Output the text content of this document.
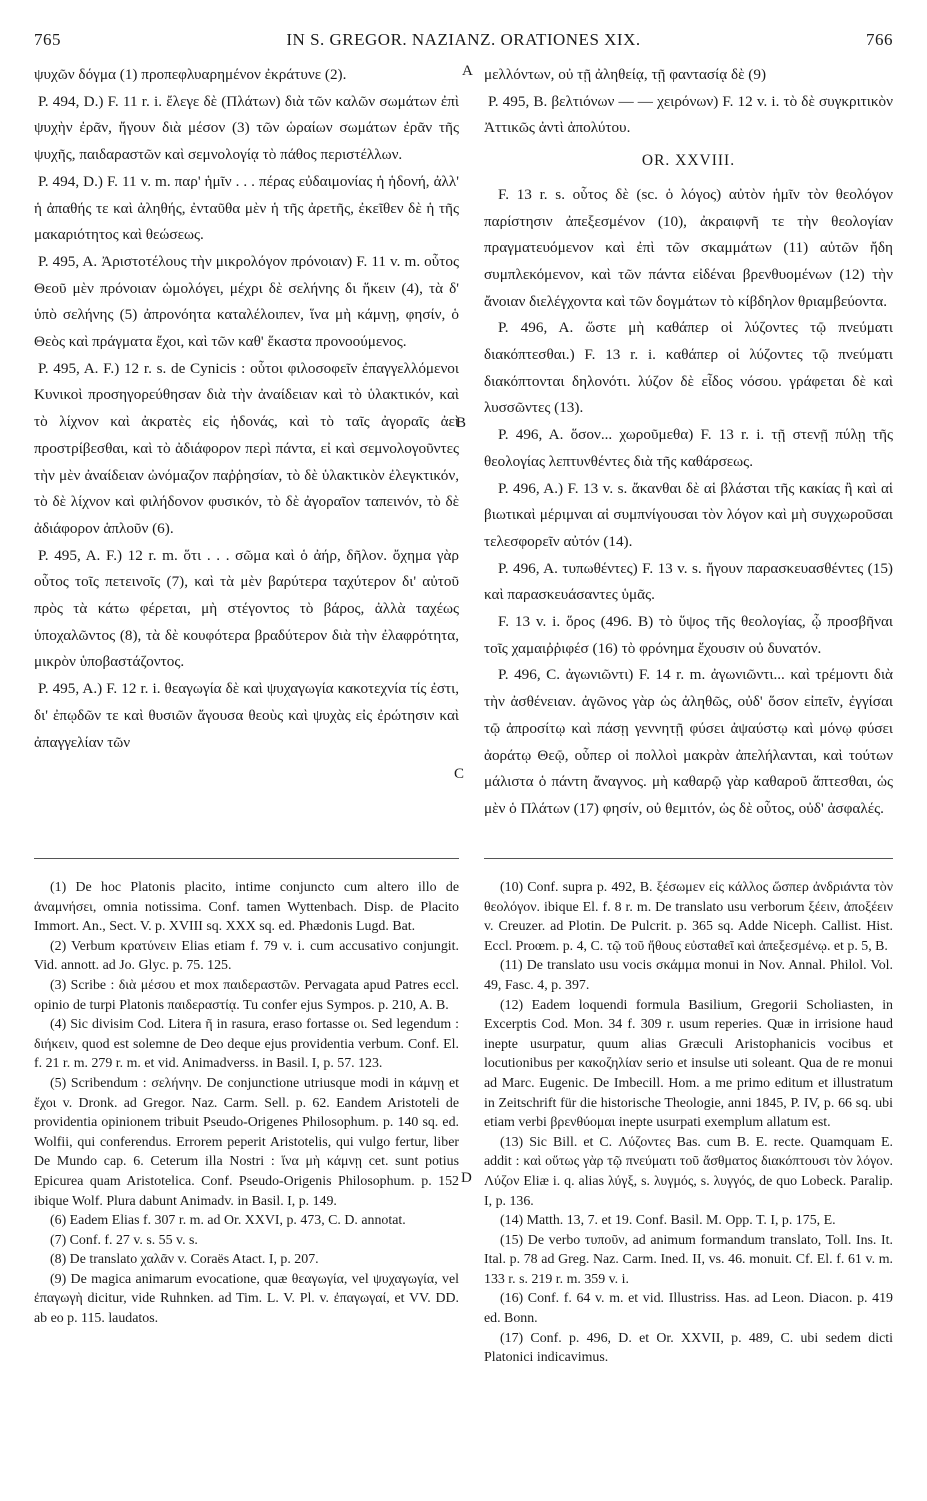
765	IN S. GREGOR. NAZIANZ. ORATIONES XIX.	766
A
B
C
D

ψυχῶν δόγμα (1) προπεφλυαρημένον ἐκράτυνε (2).

P. 494, D.) F. 11 r. i. ἔλεγε δὲ (Πλάτων) διὰ τῶν καλῶν σωμάτων ἐπὶ ψυχὴν ἐρᾶν, ἤγουν διὰ μέσον (3) τῶν ὡραίων σωμάτων ἐρᾶν τῆς ψυχῆς, παιδαραστῶν καὶ σεμνολογίᾳ τὸ πάθος περιστέλλων.

P. 494, D.) F. 11 v. m. παρ' ἡμῖν . . . πέρας εὐδαιμονίας ἡ ἡδονή, ἀλλ' ἡ ἀπαθής τε καὶ ἀληθής, ἐνταῦθα μὲν ἡ τῆς ἀρετῆς, ἐκεῖθεν δὲ ἡ τῆς μακαριότητος καὶ θεώσεως.

P. 495, A. Ἀριστοτέλους τὴν μικρολόγον πρόνοιαν) F. 11 v. m. οὗτος Θεοῦ μὲν πρόνοιαν ὡμολόγει, μέχρι δὲ σελήνης δι ἥκειν (4), τὰ δ' ὑπὸ σελήνης (5) ἀπρονόητα καταλέλοιπεν, ἵνα μὴ κάμνῃ, φησίν, ὁ Θεὸς καὶ πράγματα ἔχοι, καὶ τῶν καθ' ἕκαστα προνοούμενος.

P. 495, A. F.) 12 r. s. de Cynicis : οὗτοι φιλοσοφεῖν ἐπαγγελλόμενοι Κυνικοὶ προσηγορεύθησαν διὰ τὴν ἀναίδειαν καὶ τὸ ὑλακτικόν, καὶ τὸ λίχνον καὶ ἀκρατὲς εἰς ἡδονάς, καὶ τὸ ταῖς ἀγοραῖς ἀεὶ προστρίβεσθαι, καὶ τὸ ἀδιάφορον περὶ πάντα, εἰ καὶ σεμνολογοῦντες τὴν μὲν ἀναίδειαν ὠνόμαζον παῤῥησίαν, τὸ δὲ ὑλακτικὸν ἐλεγκτικόν, τὸ δὲ λίχνον καὶ φιλήδονον φυσικόν, τὸ δὲ ἀγοραῖον ταπεινόν, τὸ δὲ ἀδιάφορον ἁπλοῦν (6).

P. 495, A. F.) 12 r. m. ὅτι . . . σῶμα καὶ ὁ ἀήρ, δῆλον. ὄχημα γὰρ οὗτος τοῖς πετεινοῖς (7), καὶ τὰ μὲν βαρύτερα ταχύτερον δι' αὐτοῦ πρὸς τὰ κάτω φέρεται, μὴ στέγοντος τὸ βάρος, ἀλλὰ ταχέως ὑποχαλῶντος (8), τὰ δὲ κουφότερα βραδύτερον διὰ τὴν ἐλαφρότητα, μικρὸν ὑποβαστάζοντος.

P. 495, A.) F. 12 r. i. θεαγωγία δὲ καὶ ψυχαγωγία κακοτεχνία τίς ἐστι, δι' ἐπῳδῶν τε καὶ θυσιῶν ἄγουσα θεοὺς καὶ ψυχὰς εἰς ἐρώτησιν καὶ ἀπαγγελίαν τῶν

μελλόντων, οὐ τῇ ἀληθείᾳ, τῇ φαντασίᾳ δὲ (9)

P. 495, B. βελτιόνων — — χειρόνων) F. 12 v. i. τὸ δὲ συγκριτικὸν Ἀττικῶς ἀντὶ ἀπολύτου.

OR. XXVIII.

F. 13 r. s. οὗτος δὲ (sc. ὁ λόγος) αὐτὸν ἡμῖν τὸν θεολόγον παρίστησιν ἀπεξεσμένον (10), ἀκραιφνῆ τε τὴν θεολογίαν πραγματευόμενον καὶ ἐπὶ τῶν σκαμμάτων (11) αὐτῶν ἤδη συμπλεκόμενον, καὶ τῶν πάντα εἰδέναι βρενθυομένων (12) τὴν ἄνοιαν διελέγχοντα καὶ τῶν δογμάτων τὸ κίβδηλον θριαμβεύοντα.

P. 496, A. ὥστε μὴ καθάπερ οἱ λύζοντες τῷ πνεύματι διακόπτεσθαι.) F. 13 r. i. καθάπερ οἱ λύζοντες τῷ πνεύματι διακόπτονται δηλονότι. λύζον δὲ εἶδος νόσου. γράφεται δὲ καὶ λυσσῶντες (13).

P. 496, A. ὅσον... χωροῦμεθα) F. 13 r. i. τῇ στενῇ πύλῃ τῆς θεολογίας λεπτυνθέντες διὰ τῆς καθάρσεως.

P. 496, A.) F. 13 v. s. ἄκανθαι δὲ αἱ βλάσται τῆς κακίας ἢ καὶ αἱ βιωτικαὶ μέριμναι αἱ συμπνίγουσαι τὸν λόγον καὶ μὴ συγχωροῦσαι τελεσφορεῖν αὐτόν (14).

P. 496, A. τυπωθέντες) F. 13 v. s. ἤγουν παρασκευασθέντες (15) καὶ παρασκευάσαντες ὑμᾶς.

F. 13 v. i. ὅρος (496. B) τὸ ὕψος τῆς θεολογίας, ᾧ προσβῆναι τοῖς χαμαιῤῥιφέσ (16) τὸ φρόνημα ἔχουσιν οὐ δυνατόν.

P. 496, C. ἀγωνιῶντι) F. 14 r. m. ἀγωνιῶντι... καὶ τρέμοντι διὰ τὴν ἀσθένειαν. ἀγῶνος γὰρ ὡς ἀληθῶς, οὐδ' ὅσον εἰπεῖν, ἐγγίσαι τῷ ἀπροσίτῳ καὶ πάσῃ γεννητῇ φύσει ἀψαύστῳ καὶ μόνῳ φύσει ἀοράτῳ Θεῷ, οὗπερ οἱ πολλοὶ μακρὰν ἀπελήλανται, καὶ τούτων μάλιστα ὁ πάντη ἄναγνος. μὴ καθαρῷ γὰρ καθαροῦ ἅπτεσθαι, ὡς μὲν ὁ Πλάτων (17) φησίν, οὐ θεμιτόν, ὡς δὲ οὗτος, οὐδ' ἀσφαλές.

(1) De hoc Platonis placito, intime conjuncto cum altero illo de ἀναμνήσει, omnia notissima. Conf. tamen Wyttenbach. Disp. de Placito Immort. An., Sect. V. p. XVIII sq. XXX sq. ed. Phædonis Lugd. Bat.

(2) Verbum κρατύνειν Elias etiam f. 79 v. i. cum accusativo conjungit. Vid. annott. ad Jo. Glyc. p. 75. 125.

(3) Scribe : διὰ μέσου et mox παιδεραστῶν. Pervagata apud Patres eccl. opinio de turpi Platonis παιδεραστίᾳ. Tu confer ejus Sympos. p. 210, A. B.

(4) Sic divisim Cod. Litera ῆ in rasura, eraso fortasse οι. Sed legendum : διήκειν, quod est solemne de Deo deque ejus providentia verbum. Conf. El. f. 21 r. m. 279 r. m. et vid. Animadverss. in Basil. I, p. 57. 123.

(5) Scribendum : σελήνην. De conjunctione utriusque modi in κάμνῃ et ἔχοι v. Dronk. ad Gregor. Naz. Carm. Sell. p. 62. Eandem Aristoteli de providentia opinionem tribuit Pseudo-Origenes Philosophum. p. 140 sq. ed. Wolfii, qui conferendus. Errorem peperit Aristotelis, qui vulgo fertur, liber De Mundo cap. 6. Ceterum illa Nostri : ἵνα μὴ κάμνῃ cet. sunt potius Epicurea quam Aristotelica. Conf. Pseudo-Origenis Philosophum. p. 152 ibique Wolf. Plura dabunt Animadv. in Basil. I, p. 149.

(6) Eadem Elias f. 307 r. m. ad Or. XXVI, p. 473, C. D. annotat.

(7) Conf. f. 27 v. s. 55 v. s.

(8) De translato χαλᾶν v. Coraës Atact. I, p. 207.

(9) De magica animarum evocatione, quæ θεαγωγία, vel ψυχαγωγία, vel ἐπαγωγὴ dicitur, vide Ruhnken. ad Tim. L. V. Pl. v. ἐπαγωγαί, et VV. DD. ab eo p. 115. laudatos.

(10) Conf. supra p. 492, B. ξέσωμεν εἰς κάλλος ὥσπερ ἀνδριάντα τὸν θεολόγον. ibique El. f. 8 r. m. De translato usu verborum ξέειν, ἀποξέειν v. Creuzer. ad Plotin. De Pulcrit. p. 365 sq. Adde Niceph. Callist. Hist. Eccl. Proœm. p. 4, C. τῷ τοῦ ἤθους εὐσταθεῖ καὶ ἀπεξεσμένῳ. et p. 5, B.

(11) De translato usu vocis σκάμμα monui in Nov. Annal. Philol. Vol. 49, Fasc. 4, p. 397.

(12) Eadem loquendi formula Basilium, Gregorii Scholiasten, in Excerptis Cod. Mon. 34 f. 309 r. usum reperies. Quæ in irrisione haud inepte usurpatur, quum alias Græculi Aristophanicis vocibus et locutionibus per κακοζηλίαν serio et insulse uti soleant. Qua de re monui ad Marc. Eugenic. De Imbecill. Hom. a me primo editum et illustratum in Zeitschrift für die historische Theologie, anni 1845, P. IV, p. 66 sq. ubi etiam verbi βρενθύομαι inepte usurpati exemplum allatum est.

(13) Sic Bill. et C. Λύζοντες Bas. cum B. E. recte. Quamquam E. addit : καὶ οὕτως γὰρ τῷ πνεύματι τοῦ ἄσθματος διακόπτουσι τὸν λόγον. Λύζον Eliæ i. q. alias λύγξ, s. λυγμός, s. λυγγός, de quo Lobeck. Paralip. I, p. 136.

(14) Matth. 13, 7. et 19. Conf. Basil. M. Opp. T. I, p. 175, E.

(15) De verbo τυποῦν, ad animum formandum translato, Toll. Ins. It. Ital. p. 78 ad Greg. Naz. Carm. Ined. II, vs. 46. monuit. Cf. El. f. 61 v. m. 133 r. s. 219 r. m. 359 v. i.

(16) Conf. f. 64 v. m. et vid. Illustriss. Has. ad Leon. Diacon. p. 419 ed. Bonn.

(17) Conf. p. 496, D. et Or. XXVII, p. 489, C. ubi sedem dicti Platonici indicavimus.
